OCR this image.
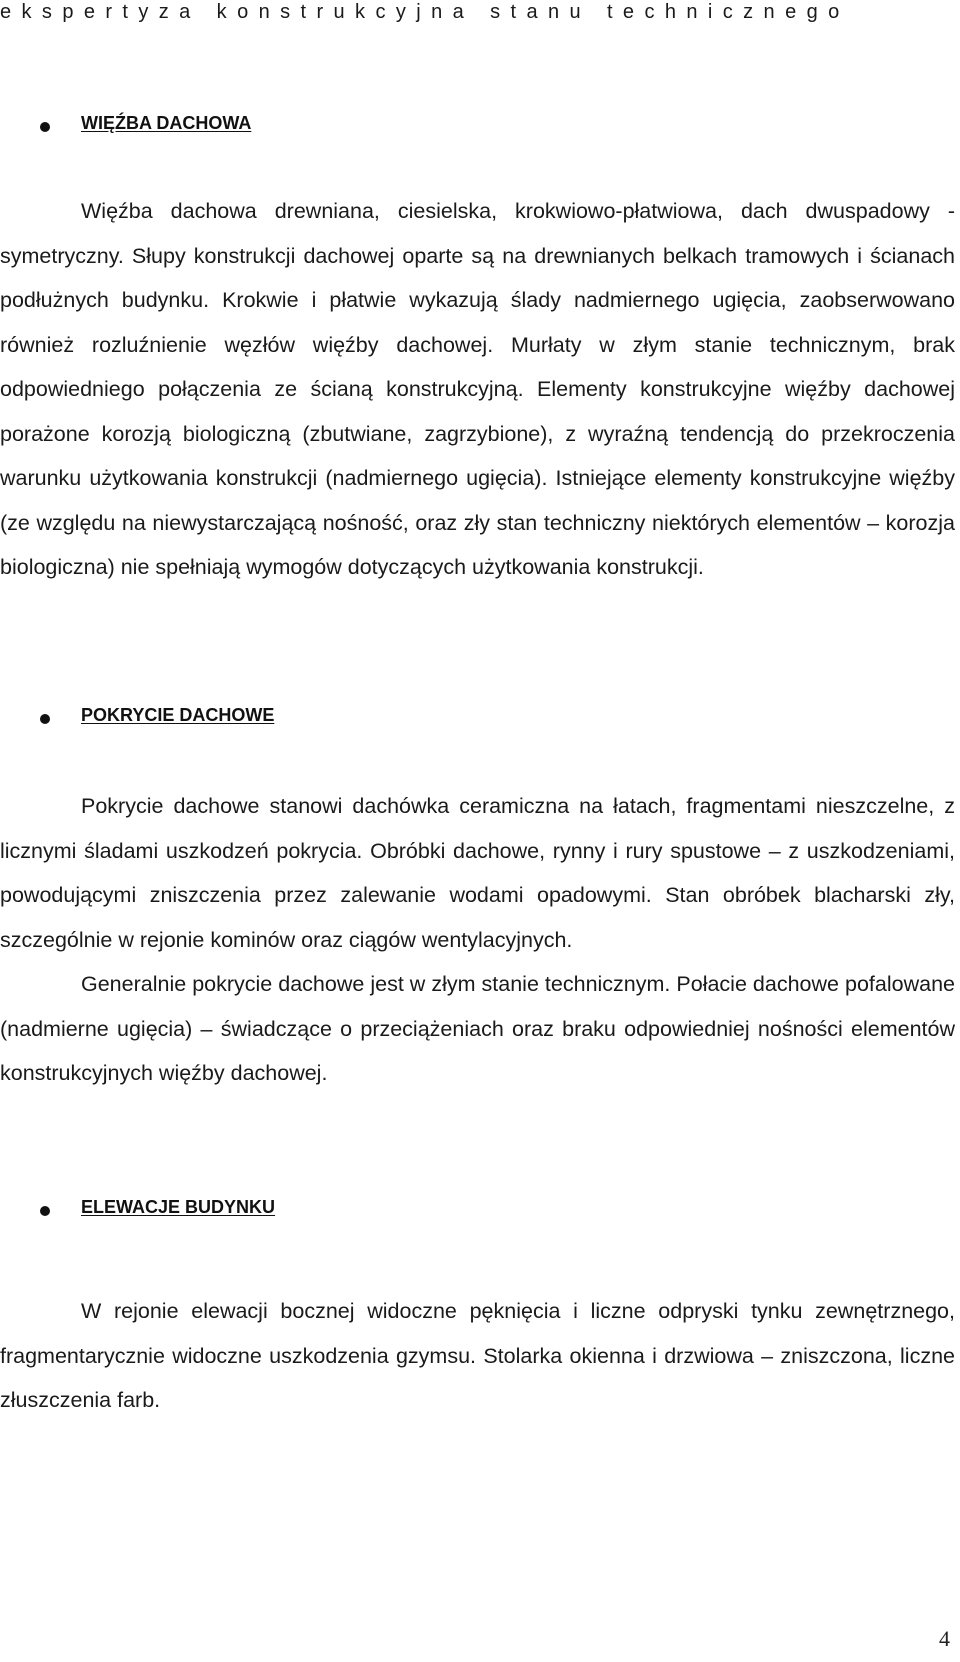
ekspertyza konstrukcyjna stanu technicznego
WIĘŹBA DACHOWA

Więźba dachowa drewniana, ciesielska, krokwiowo-płatwiowa, dach dwuspadowy - symetryczny. Słupy konstrukcji dachowej oparte są na drewnianych belkach tramowych i ścianach podłużnych budynku. Krokwie i płatwie wykazują ślady nadmiernego ugięcia, zaobserwowano również rozluźnienie węzłów więźby dachowej. Murłaty w złym stanie technicznym, brak odpowiedniego połączenia ze ścianą konstrukcyjną. Elementy konstrukcyjne więźby dachowej porażone korozją biologiczną (zbutwiane, zagrzybione), z wyraźną tendencją do przekroczenia warunku użytkowania konstrukcji (nadmiernego ugięcia). Istniejące elementy konstrukcyjne więźby (ze względu na niewystarczającą nośność, oraz zły stan techniczny niektórych elementów – korozja biologiczna) nie spełniają wymogów dotyczących użytkowania konstrukcji.

POKRYCIE DACHOWE

Pokrycie dachowe stanowi dachówka ceramiczna na łatach, fragmentami nieszczelne, z licznymi śladami uszkodzeń pokrycia. Obróbki dachowe, rynny i rury spustowe – z uszkodzeniami, powodującymi zniszczenia przez zalewanie wodami opadowymi. Stan obróbek blacharski zły, szczególnie w rejonie kominów oraz ciągów wentylacyjnych.

Generalnie pokrycie dachowe jest w złym stanie technicznym. Połacie dachowe pofalowane (nadmierne ugięcia) – świadczące o przeciążeniach oraz braku odpowiedniej nośności elementów konstrukcyjnych więźby dachowej.

ELEWACJE BUDYNKU

W rejonie elewacji bocznej widoczne pęknięcia i liczne odpryski tynku zewnętrznego, fragmentarycznie widoczne uszkodzenia gzymsu. Stolarka okienna i drzwiowa – zniszczona, liczne złuszczenia farb.

4
